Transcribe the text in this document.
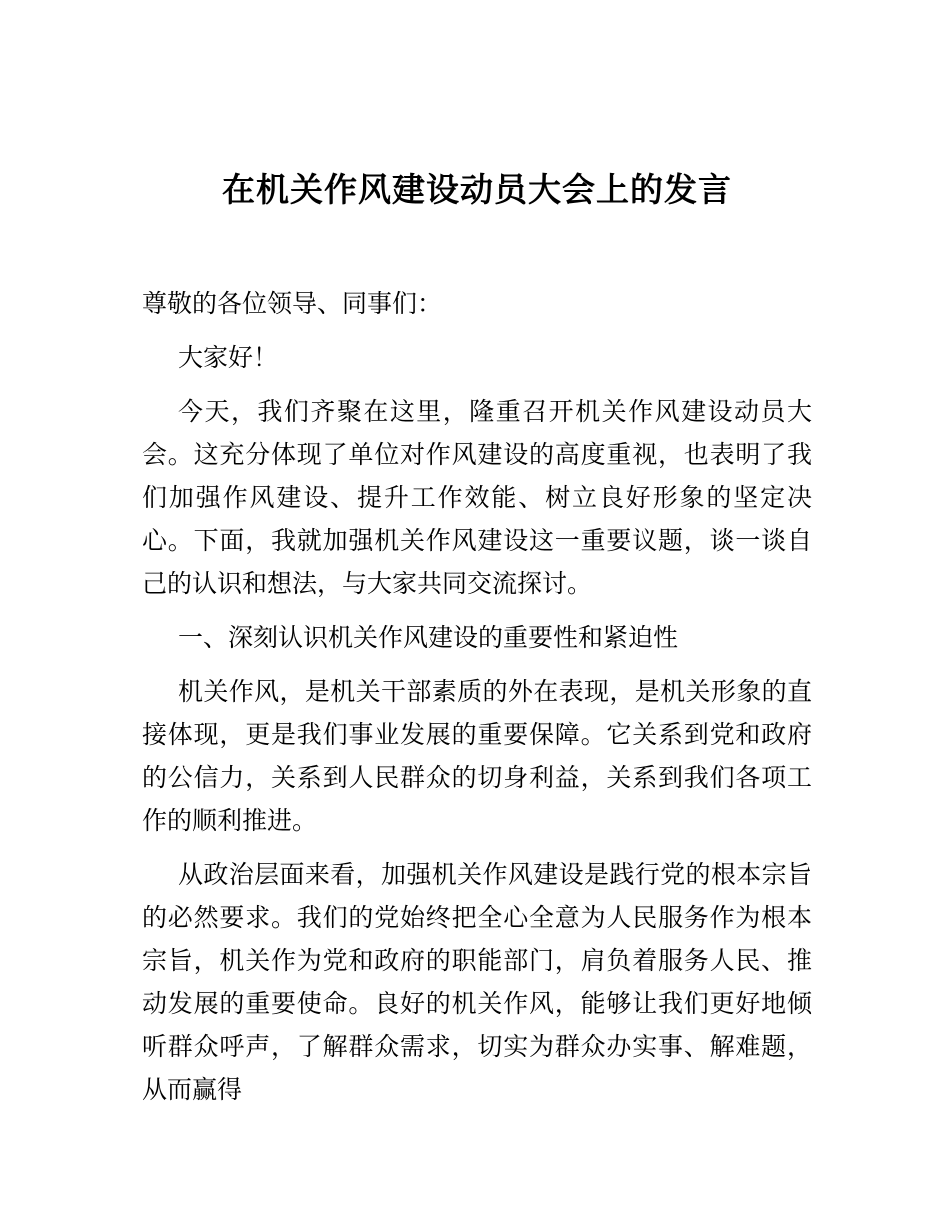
在机关作风建设动员大会上的发言

尊敬的各位领导、同事们：

大家好！

今天，我们齐聚在这里，隆重召开机关作风建设动员大会。这充分体现了单位对作风建设的高度重视，也表明了我们加强作风建设、提升工作效能、树立良好形象的坚定决心。下面，我就加强机关作风建设这一重要议题，谈一谈自己的认识和想法，与大家共同交流探讨。

一、深刻认识机关作风建设的重要性和紧迫性

机关作风，是机关干部素质的外在表现，是机关形象的直接体现，更是我们事业发展的重要保障。它关系到党和政府的公信力，关系到人民群众的切身利益，关系到我们各项工作的顺利推进。

从政治层面来看，加强机关作风建设是践行党的根本宗旨的必然要求。我们的党始终把全心全意为人民服务作为根本宗旨，机关作为党和政府的职能部门，肩负着服务人民、推动发展的重要使命。良好的机关作风，能够让我们更好地倾听群众呼声，了解群众需求，切实为群众办实事、解难题，从而赢得
